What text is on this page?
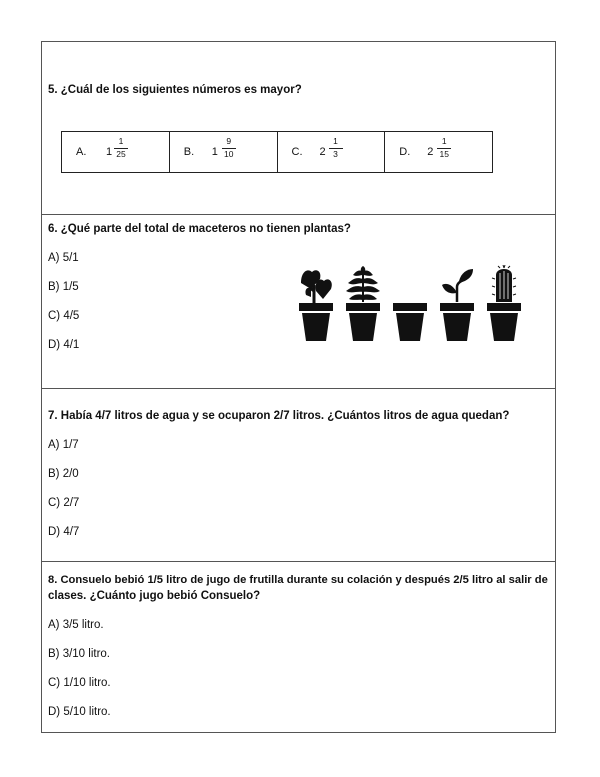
5. ¿Cuál de los siguientes números es mayor?
A. $1 \frac{1}{25}$	B. $1 \frac{9}{10}$	C. $2 \frac{1}{3}$	D. $2 \frac{1}{15}$
6. ¿Qué parte del total de maceteros no tienen plantas?
A) 5/1
B) 1/5
C) 4/5
D) 4/1
7. Había 4/7 litros de agua y se ocuparon 2/7 litros. ¿Cuántos litros de agua quedan?
A) 1/7
B) 2/0
C) 2/7
D) 4/7
8. Consuelo bebió 1/5 litro de jugo de frutilla durante su colación y después 2/5 litro al salir de
clases. ¿Cuánto jugo bebió Consuelo?
A) 3/5 litro.
B) 3/10 litro.
C) 1/10 litro.
D) 5/10 litro.
